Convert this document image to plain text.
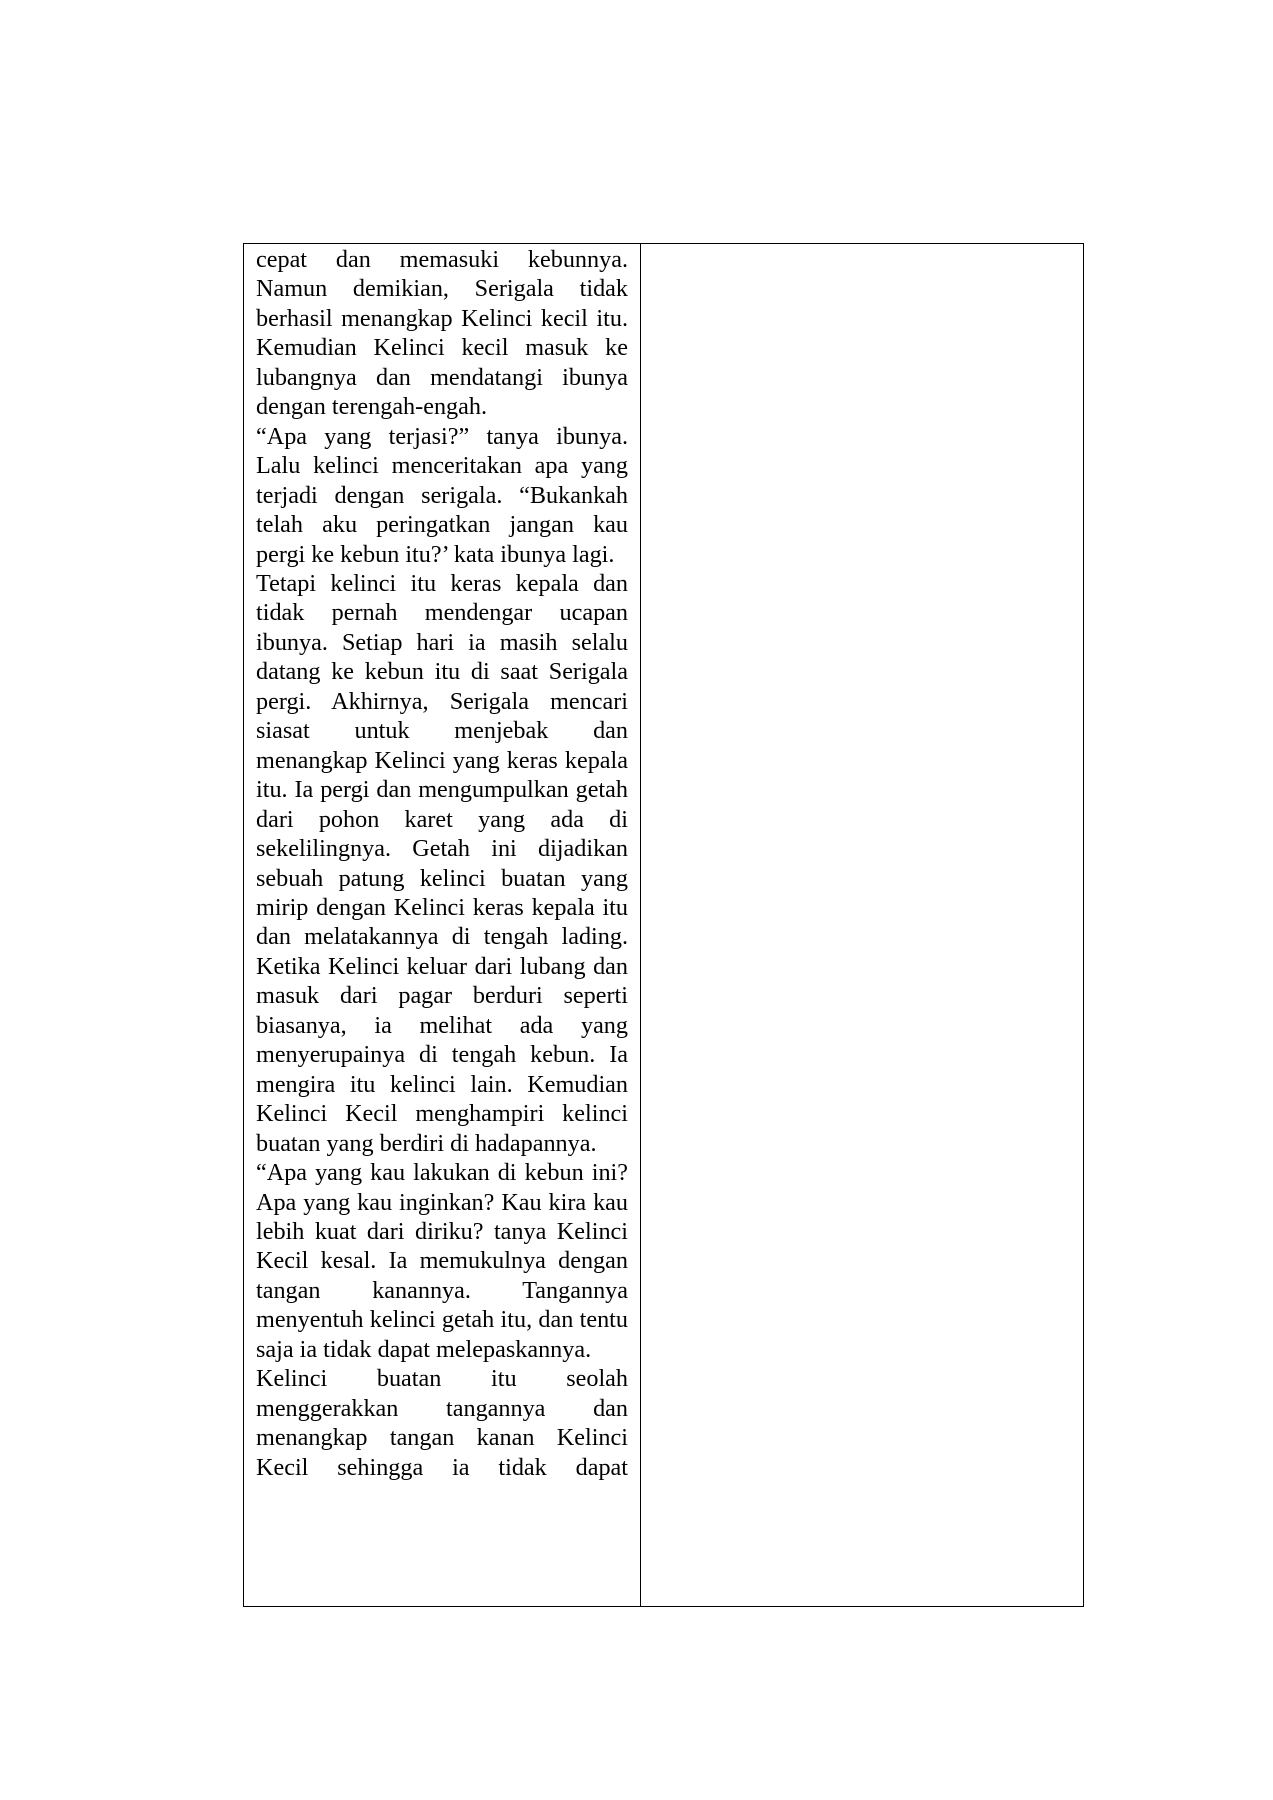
cepat dan memasuki kebunnya. Namun demikian, Serigala tidak berhasil menangkap Kelinci kecil itu. Kemudian Kelinci kecil masuk ke lubangnya dan mendatangi ibunya dengan terengah-engah.

“Apa yang terjasi?” tanya ibunya. Lalu kelinci menceritakan apa yang terjadi dengan serigala. “Bukankah telah aku peringatkan jangan kau pergi ke kebun itu?’ kata ibunya lagi.

Tetapi kelinci itu keras kepala dan tidak pernah mendengar ucapan ibunya. Setiap hari ia masih selalu datang ke kebun itu di saat Serigala pergi. Akhirnya, Serigala mencari siasat untuk menjebak dan menangkap Kelinci yang keras kepala itu. Ia pergi dan mengumpulkan getah dari pohon karet yang ada di sekelilingnya. Getah ini dijadikan sebuah patung kelinci buatan yang mirip dengan Kelinci keras kepala itu dan melatakannya di tengah lading. Ketika Kelinci keluar dari lubang dan masuk dari pagar berduri seperti biasanya, ia melihat ada yang menyerupainya di tengah kebun. Ia mengira itu kelinci lain. Kemudian Kelinci Kecil menghampiri kelinci buatan yang berdiri di hadapannya.

“Apa yang kau lakukan di kebun ini? Apa yang kau inginkan? Kau kira kau lebih kuat dari diriku? tanya Kelinci Kecil kesal. Ia memukulnya dengan tangan kanannya. Tangannya menyentuh kelinci getah itu, dan tentu saja ia tidak dapat melepaskannya.

Kelinci buatan itu seolah menggerakkan tangannya dan menangkap tangan kanan Kelinci Kecil sehingga ia tidak dapat
